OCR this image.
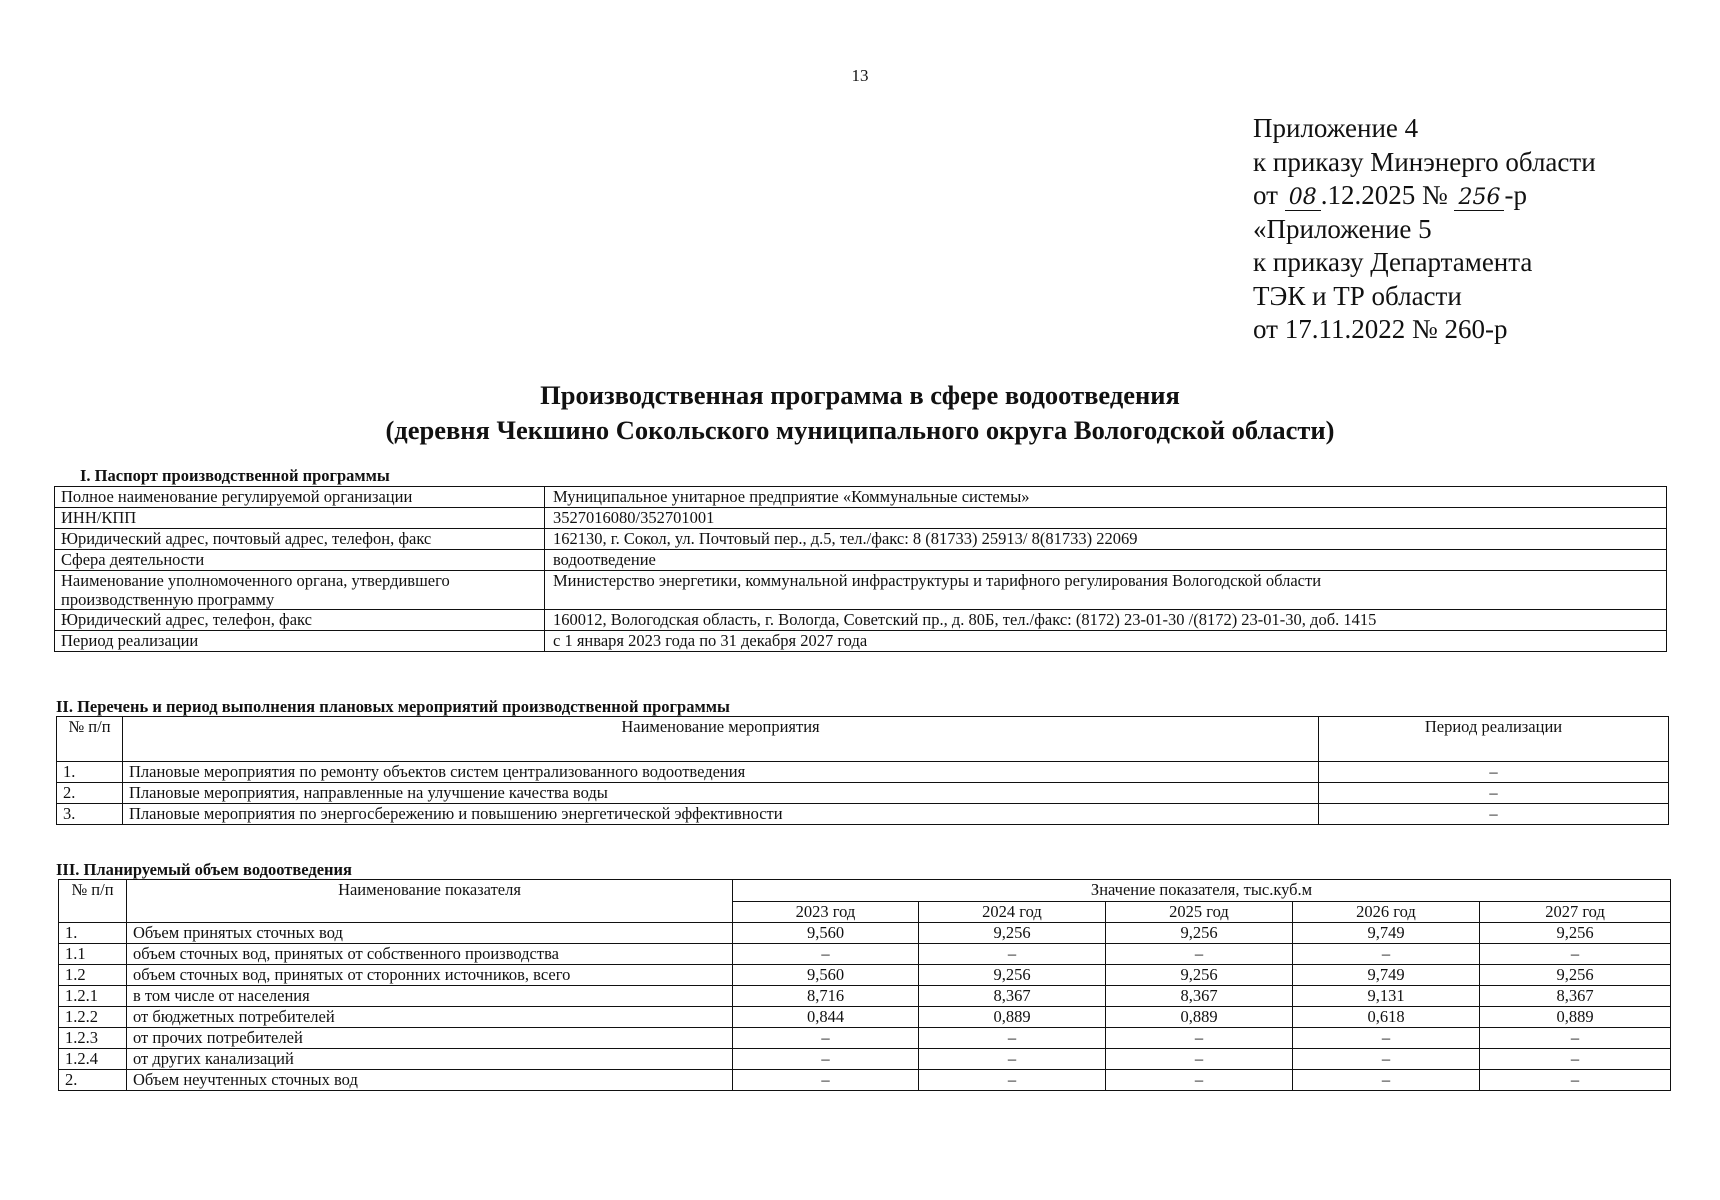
13
Приложение 4
к приказу Минэнерго области
от 08 .12.2025 № 256 -р
«Приложение 5
к приказу Департамента
ТЭК и ТР области
от 17.11.2022 № 260-р
Производственная программа в сфере водоотведения
(деревня Чекшино Сокольского муниципального округа Вологодской области)
I. Паспорт производственной программы
Полное наименование регулируемой организации	Муниципальное унитарное предприятие «Коммунальные системы»
ИНН/КПП	3527016080/352701001
Юридический адрес, почтовый адрес, телефон, факс	162130, г. Сокол, ул. Почтовый пер., д.5, тел./факс: 8 (81733) 25913/ 8(81733) 22069
Сфера деятельности	водоотведение
Наименование уполномоченного органа, утвердившего производственную программу	Министерство энергетики, коммунальной инфраструктуры и тарифного регулирования Вологодской области
Юридический адрес, телефон, факс	160012, Вологодская область, г. Вологда, Советский пр., д. 80Б, тел./факс: (8172) 23-01-30 /(8172) 23-01-30, доб. 1415
Период реализации	с 1 января 2023 года по 31 декабря 2027 года
II. Перечень и период выполнения плановых мероприятий производственной программы
№ п/п	Наименование мероприятия	Период реализации
1.	Плановые мероприятия по ремонту объектов систем централизованного водоотведения	–
2.	Плановые мероприятия, направленные на улучшение качества воды	–
3.	Плановые мероприятия по энергосбережению и повышению энергетической эффективности	–
III. Планируемый объем водоотведения
№ п/п	Наименование показателя	Значение показателя, тыс.куб.м				
		2023 год	2024 год	2025 год	2026 год	2027 год
1.	Объем принятых сточных вод	9,560	9,256	9,256	9,749	9,256
1.1	объем сточных вод, принятых от собственного производства	–	–	–	–	–
1.2	объем сточных вод, принятых от сторонних источников, всего	9,560	9,256	9,256	9,749	9,256
1.2.1	в том числе от населения	8,716	8,367	8,367	9,131	8,367
1.2.2	от бюджетных потребителей	0,844	0,889	0,889	0,618	0,889
1.2.3	от прочих потребителей	–	–	–	–	–
1.2.4	от других канализаций	–	–	–	–	–
2.	Объем неучтенных сточных вод	–	–	–	–	–
